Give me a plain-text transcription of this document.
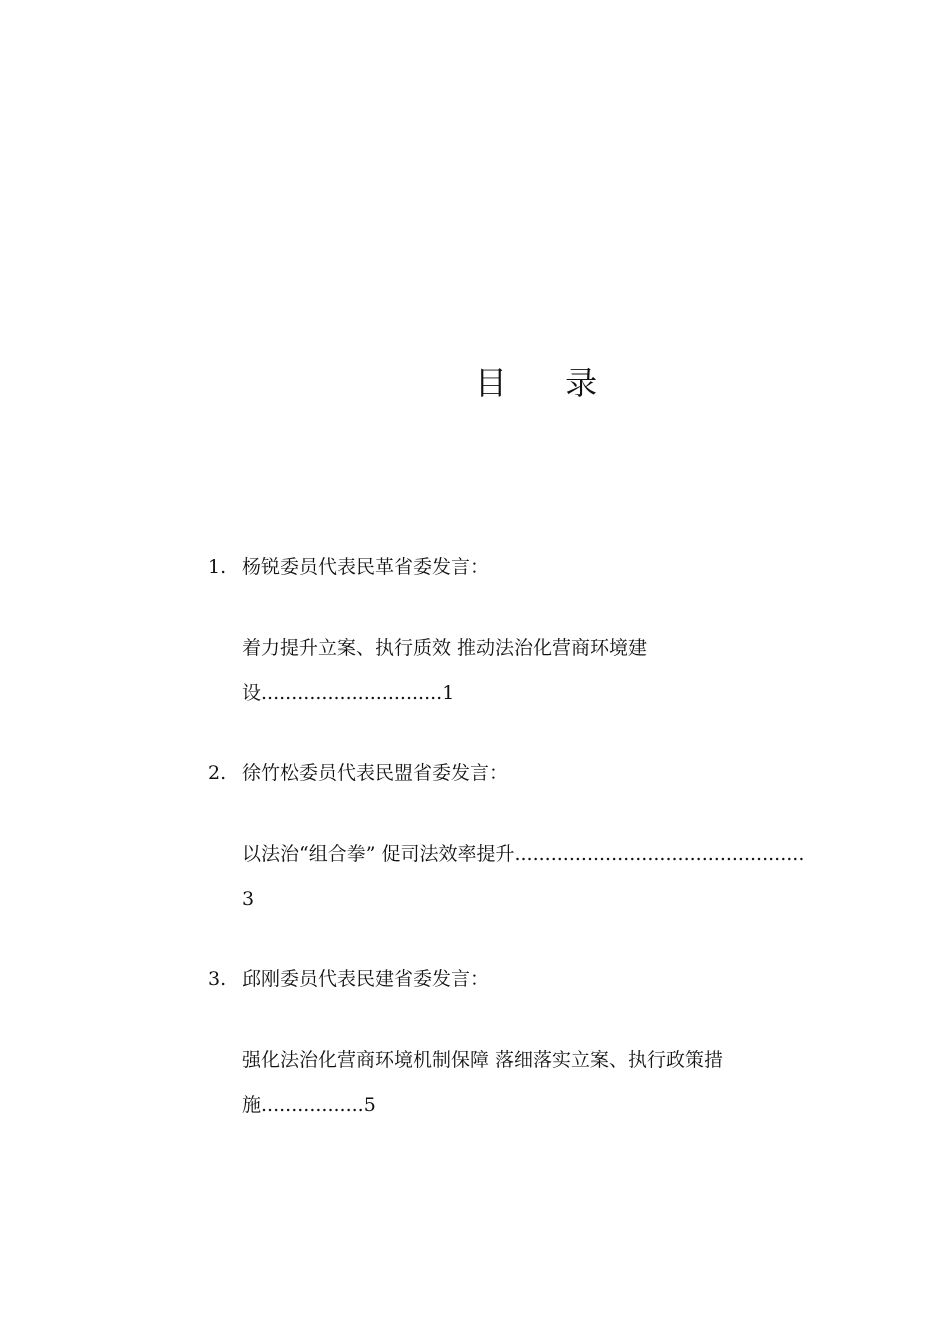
目 录

1. 杨锐委员代表民革省委发言：

着力提升立案、执行质效 推动法治化营商环境建设..............................1

2. 徐竹松委员代表民盟省委发言：

以法治“组合拳” 促司法效率提升................................................3

3. 邱刚委员代表民建省委发言：

强化法治化营商环境机制保障 落细落实立案、执行政策措施.................5
